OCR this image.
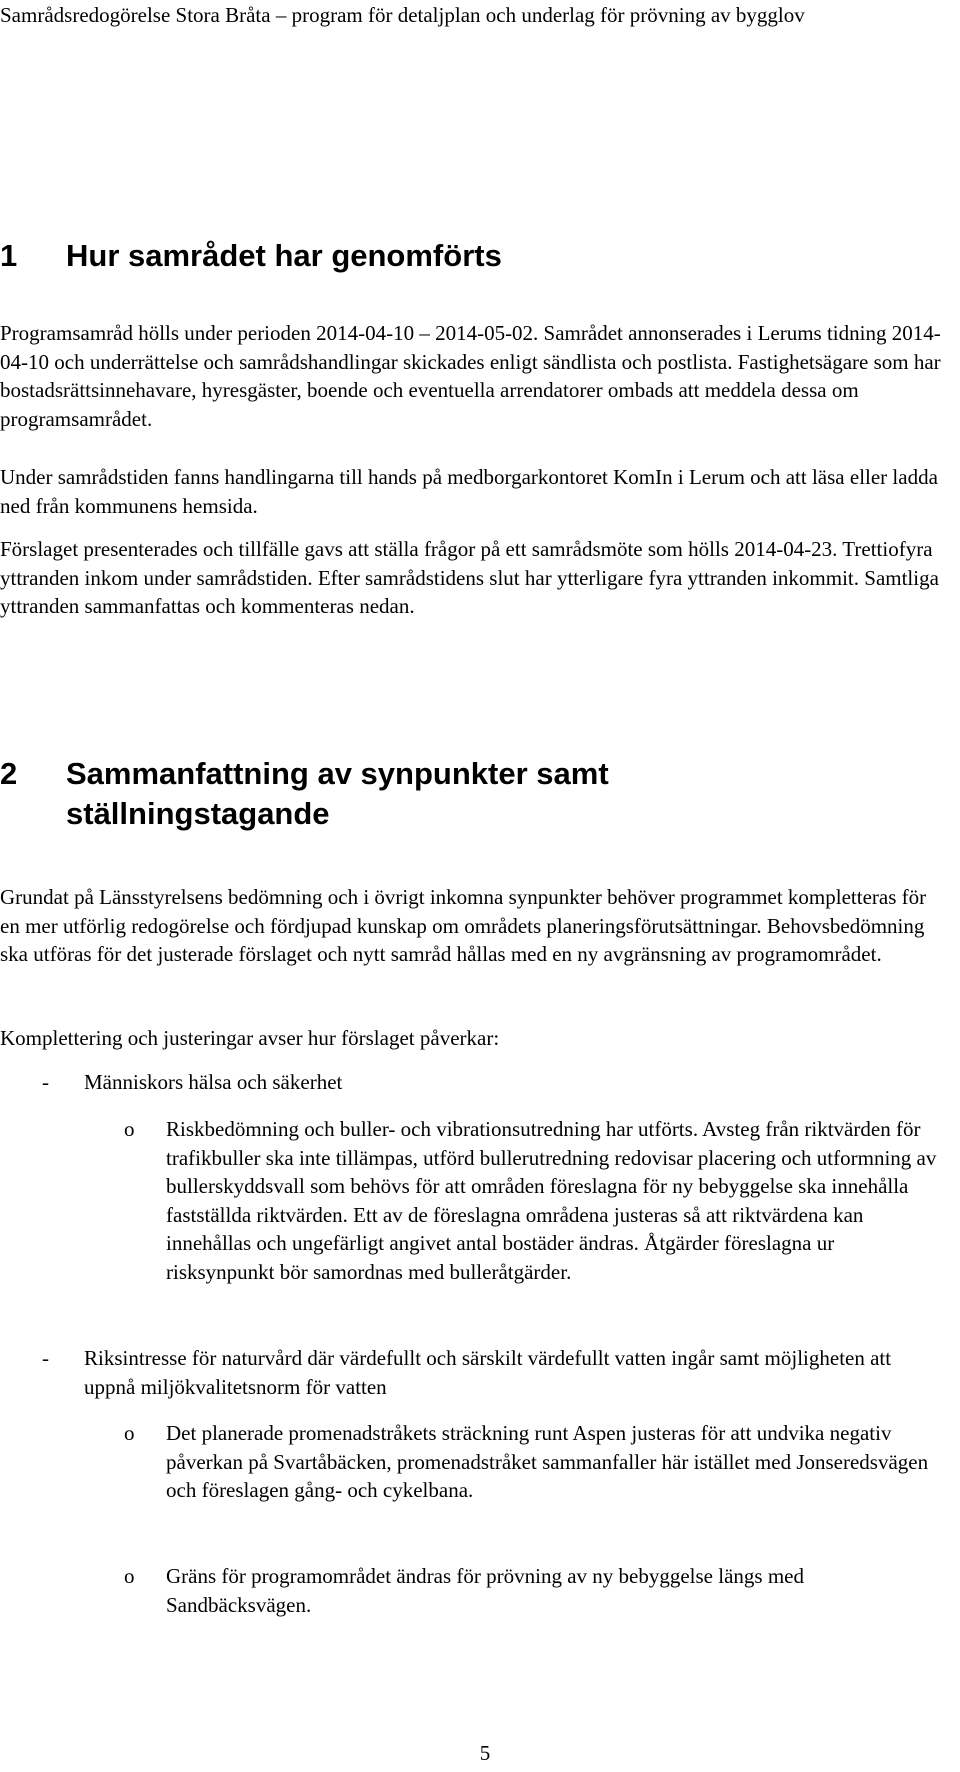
Samrådsredogörelse Stora Bråta – program för detaljplan och underlag för prövning av bygglov
1 Hur samrådet har genomförts
Programsamråd hölls under perioden 2014-04-10 – 2014-05-02. Samrådet annonserades i Lerums tidning 2014-04-10 och underrättelse och samrådshandlingar skickades enligt sändlista och postlista. Fastighetsägare som har bostadsrättsinnehavare, hyresgäster, boende och eventuella arrendatorer ombads att meddela dessa om programsamrådet.
Under samrådstiden fanns handlingarna till hands på medborgarkontoret KomIn i Lerum och att läsa eller ladda ned från kommunens hemsida.
Förslaget presenterades och tillfälle gavs att ställa frågor på ett samrådsmöte som hölls 2014-04-23. Trettiofyra yttranden inkom under samrådstiden. Efter samrådstidens slut har ytterligare fyra yttranden inkommit. Samtliga yttranden sammanfattas och kommenteras nedan.
2 Sammanfattning av synpunkter samt
ställningstagande
Grundat på Länsstyrelsens bedömning och i övrigt inkomna synpunkter behöver programmet kompletteras för en mer utförlig redogörelse och fördjupad kunskap om områdets planeringsförutsättningar. Behovsbedömning ska utföras för det justerade förslaget och nytt samråd hållas med en ny avgränsning av programområdet.
Komplettering och justeringar avser hur förslaget påverkar:
-	Människors hälsa och säkerhet
o	Riskbedömning och buller- och vibrationsutredning har utförts. Avsteg från riktvärden för trafikbuller ska inte tillämpas, utförd bullerutredning redovisar placering och utformning av bullerskyddsvall som behövs för att områden föreslagna för ny bebyggelse ska innehålla fastställda riktvärden. Ett av de föreslagna områdena justeras så att riktvärdena kan innehållas och ungefärligt angivet antal bostäder ändras. Åtgärder föreslagna ur risksynpunkt bör samordnas med bulleråtgärder.
-	Riksintresse för naturvård där värdefullt och särskilt värdefullt vatten ingår samt möjligheten att uppnå miljökvalitetsnorm för vatten
o	Det planerade promenadstråkets sträckning runt Aspen justeras för att undvika negativ påverkan på Svartåbäcken, promenadstråket sammanfaller här istället med Jonseredsvägen och föreslagen gång- och cykelbana.
o	Gräns för programområdet ändras för prövning av ny bebyggelse längs med Sandbäcksvägen.
5
